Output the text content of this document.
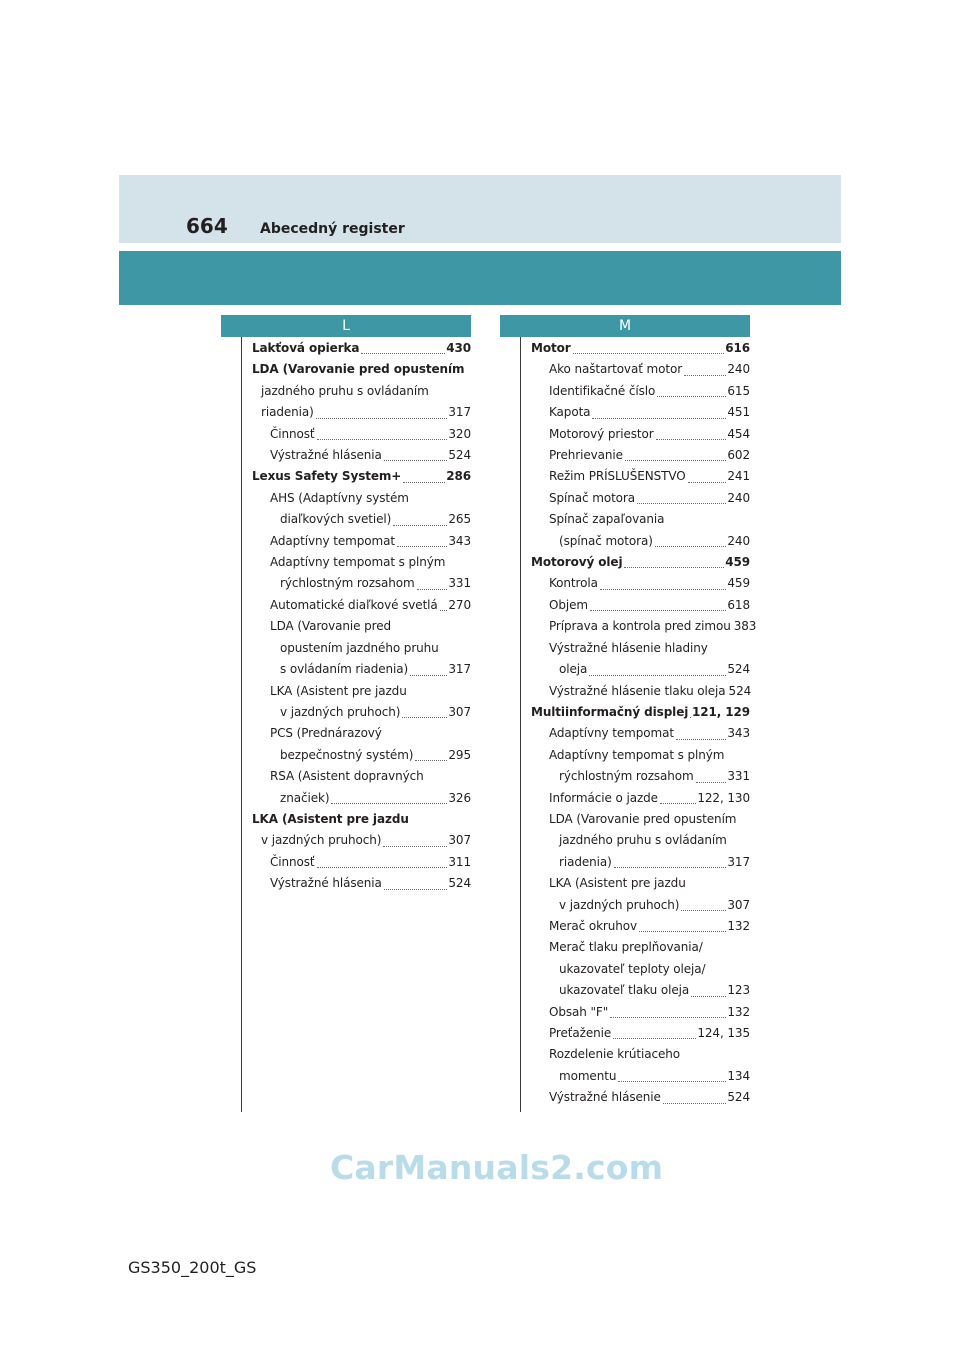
664 Abecedný register
L	M
Lakťová opierka	430
LDA (Varovanie pred opustením
jazdného pruhu s ovládaním
riadenia)	317
Činnosť	320
Výstražné hlásenia	524
Lexus Safety System+	286
AHS (Adaptívny systém
diaľkových svetiel)	265
Adaptívny tempomat	343
Adaptívny tempomat s plným
rýchlostným rozsahom	331
Automatické diaľkové svetlá 270
LDA (Varovanie pred
opustením jazdného pruhu
s ovládaním riadenia)	317
LKA (Asistent pre jazdu
v jazdných pruhoch)	307
PCS (Prednárazový
bezpečnostný systém)	295
RSA (Asistent dopravných
značiek)	326
LKA (Asistent pre jazdu
v jazdných pruhoch)	307
Činnosť	311
Výstražné hlásenia	524
Motor	616
Ako naštartovať motor	240
Identifikačné číslo	615
Kapota	451
Motorový priestor	454
Prehrievanie	602
Režim PRÍSLUŠENSTVO	241
Spínač motora	240
Spínač zapaľovania
(spínač motora)	240
Motorový olej	459
Kontrola	459
Objem	618
Príprava a kontrola pred zimou 383
Výstražné hlásenie hladiny
oleja	524
Výstražné hlásenie tlaku oleja 524
Multiinformačný displej 121, 129
Adaptívny tempomat	343
Adaptívny tempomat s plným
rýchlostným rozsahom	331
Informácie o jazde	122, 130
LDA (Varovanie pred opustením
jazdného pruhu s ovládaním
riadenia)	317
LKA (Asistent pre jazdu
v jazdných pruhoch)	307
Merač okruhov	132
Merač tlaku preplňovania/
ukazovateľ teploty oleja/
ukazovateľ tlaku oleja	123
Obsah "F"	132
Preťaženie	124, 135
Rozdelenie krútiaceho
momentu	134
Výstražné hlásenie	524
CarManuals2.com
GS350_200t_GS
